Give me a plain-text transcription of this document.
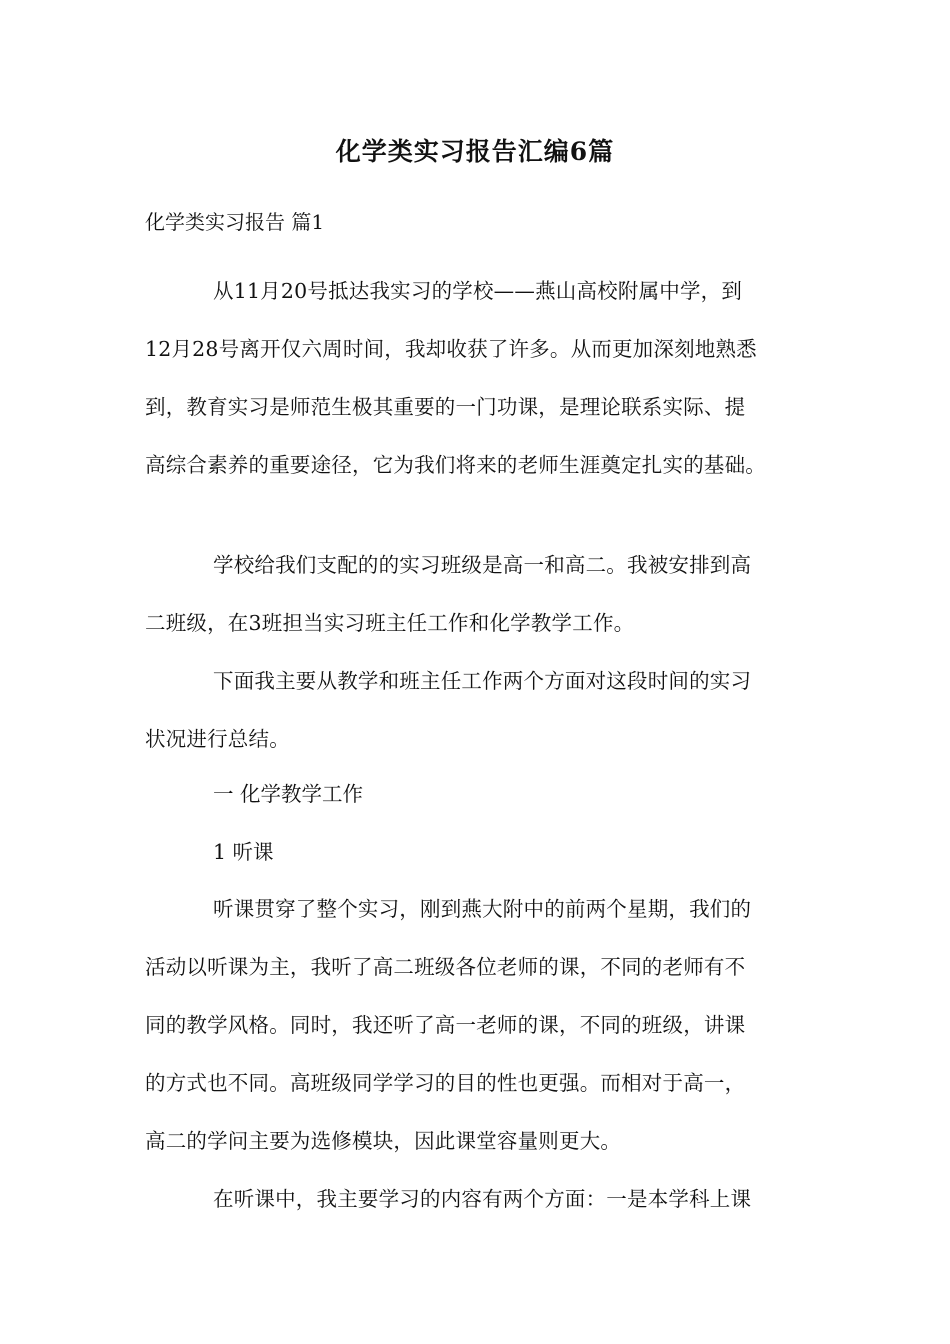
化学类实习报告汇编6篇

化学类实习报告 篇1

从11月20号抵达我实习的学校——燕山高校附属中学，到
12月28号离开仅六周时间，我却收获了许多。从而更加深刻地熟悉
到，教育实习是师范生极其重要的一门功课，是理论联系实际、提
高综合素养的重要途径，它为我们将来的老师生涯奠定扎实的基础。

学校给我们支配的的实习班级是高一和高二。我被安排到高
二班级，在3班担当实习班主任工作和化学教学工作。

下面我主要从教学和班主任工作两个方面对这段时间的实习
状况进行总结。

一 化学教学工作

1 听课

听课贯穿了整个实习，刚到燕大附中的前两个星期，我们的
活动以听课为主，我听了高二班级各位老师的课，不同的老师有不
同的教学风格。同时，我还听了高一老师的课，不同的班级，讲课
的方式也不同。高班级同学学习的目的性也更强。而相对于高一，
高二的学问主要为选修模块，因此课堂容量则更大。

在听课中，我主要学习的内容有两个方面：一是本学科上课
